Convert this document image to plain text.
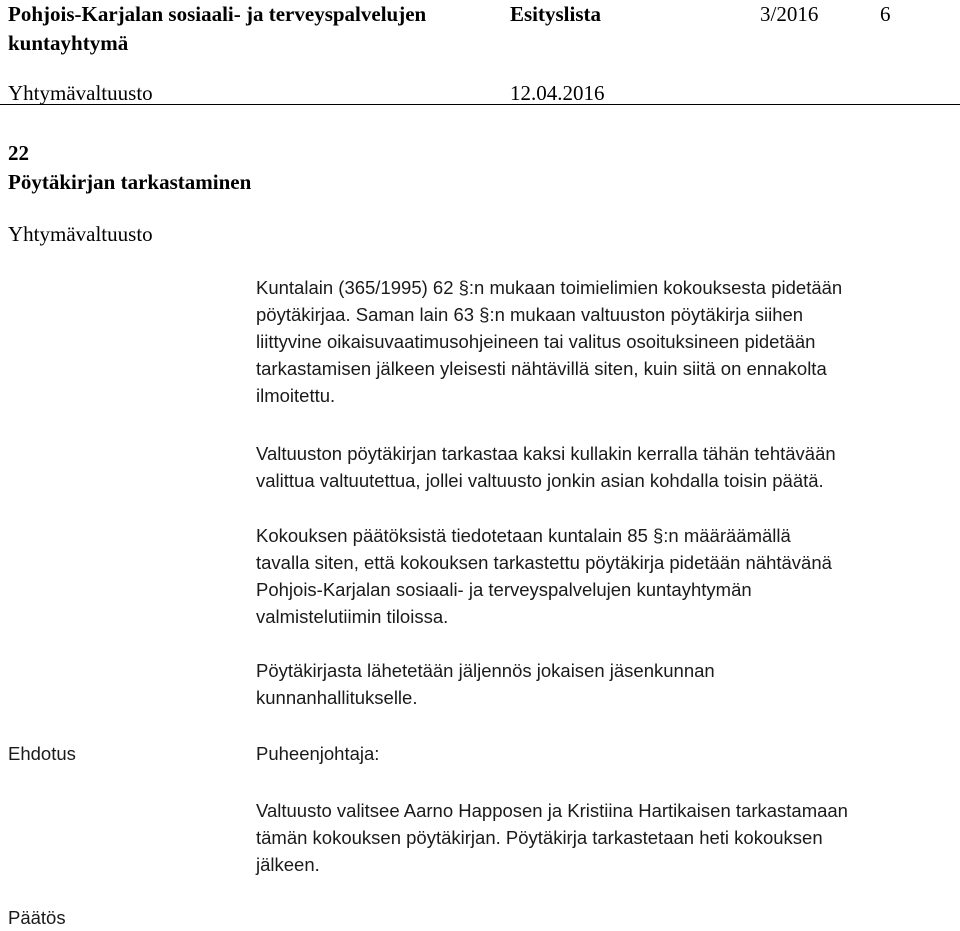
Pohjois-Karjalan sosiaali- ja terveyspalvelujen
kuntayhtymä
Esityslista	3/2016	6
Yhtymävaltuusto	12.04.2016
22
Pöytäkirjan tarkastaminen
Yhtymävaltuusto

Kuntalain (365/1995) 62 §:n mukaan toimielimien kokouksesta pidetään
pöytäkirjaa. Saman lain 63 §:n mukaan valtuuston pöytäkirja siihen
liittyvine oikaisuvaatimusohjeineen tai valitus osoituksineen pidetään
tarkastamisen jälkeen yleisesti nähtävillä siten, kuin siitä on ennakolta
ilmoitettu.

Valtuuston pöytäkirjan tarkastaa kaksi kullakin kerralla tähän tehtävään
valittua valtuutettua, jollei valtuusto jonkin asian kohdalla toisin päätä.

Kokouksen päätöksistä tiedotetaan kuntalain 85 §:n määräämällä
tavalla siten, että kokouksen tarkastettu pöytäkirja pidetään nähtävänä
Pohjois-Karjalan sosiaali- ja terveyspalvelujen kuntayhtymän
valmistelutiimin tiloissa.

Pöytäkirjasta lähetetään jäljennös jokaisen jäsenkunnan
kunnanhallitukselle.

Ehdotus	Puheenjohtaja:

Valtuusto valitsee Aarno Happosen ja Kristiina Hartikaisen tarkastamaan
tämän kokouksen pöytäkirjan. Pöytäkirja tarkastetaan heti kokouksen
jälkeen.

Päätös
